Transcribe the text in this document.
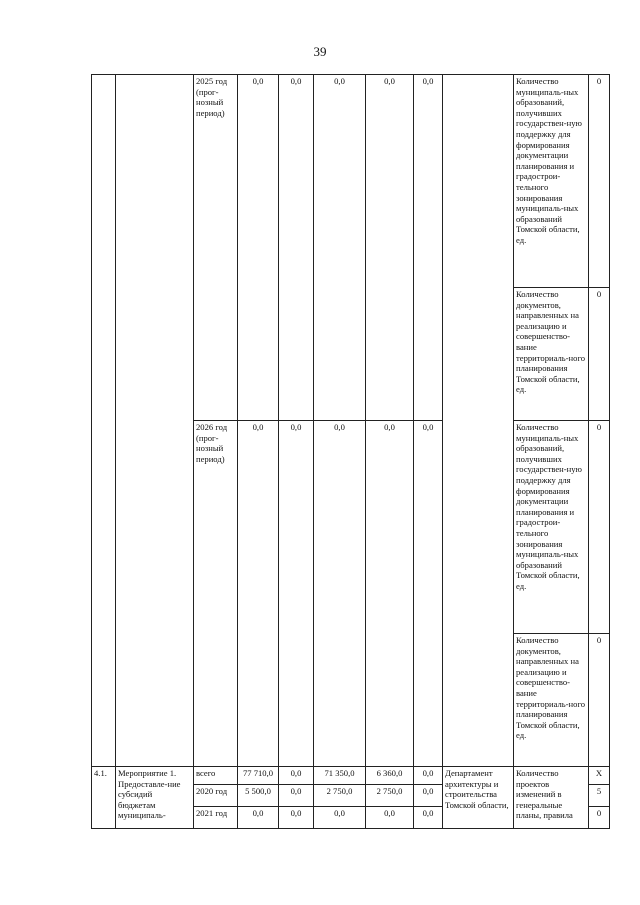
39
		2025 год (прог-нозный период)	0,0	0,0	0,0	0,0	0,0		Количество муниципаль-ных образований, получивших государствен-ную поддержку для формирования документации планирования и градострои-тельного зонирования муниципаль-ных образований Томской области, ед.	0
									Количество документов, направленных на реализацию и совершенство-вание территориаль-ного планирования Томской области, ед.	0
		2026 год (прог-нозный период)	0,0	0,0	0,0	0,0	0,0		Количество муниципаль-ных образований, получивших государствен-ную поддержку для формирования документации планирования и градострои-тельного зонирования муниципаль-ных образований Томской области, ед.	0
									Количество документов, направленных на реализацию и совершенство-вание территориаль-ного планирования Томской области, ед.	0
4.1.	Мероприятие 1. Предоставле-ние субсидий бюджетам муниципаль-	всего	77 710,0	0,0	71 350,0	6 360,0	0,0	Департамент архитектуры и строительства Томской области,	Количество проектов изменений в генеральные планы, правила	Х
		2020 год	5 500,0	0,0	2 750,0	2 750,0	0,0			5
		2021 год	0,0	0,0	0,0	0,0	0,0			0
